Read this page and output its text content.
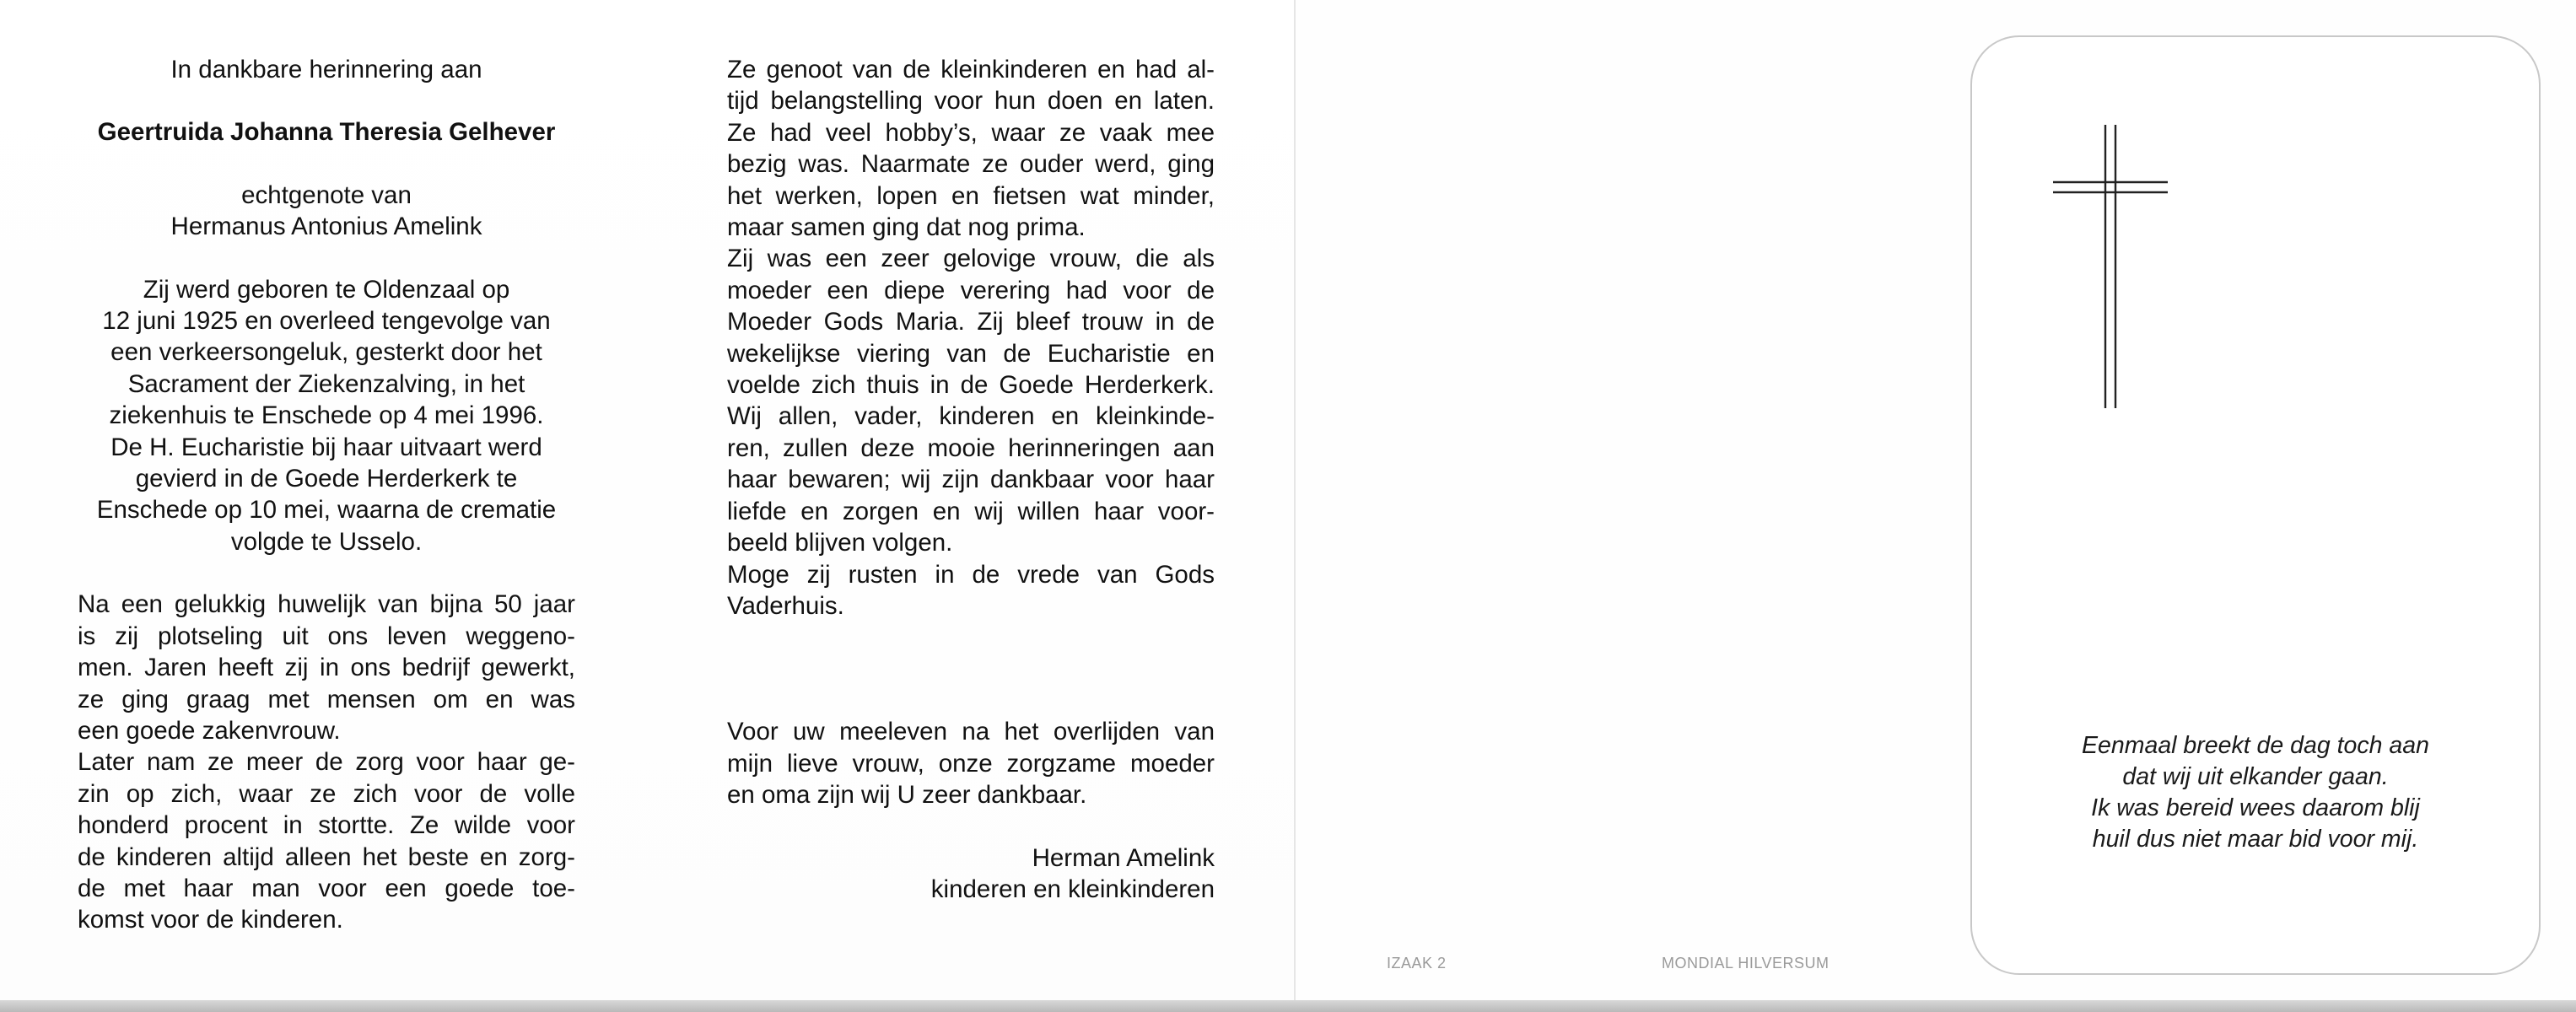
In dankbare herinnering aan

Geertruida Johanna Theresia Gelhever

echtgenote van

Hermanus Antonius Amelink

Zij werd geboren te Oldenzaal op
12 juni 1925 en overleed tengevolge van
een verkeersongeluk, gesterkt door het
Sacrament der Ziekenzalving, in het
ziekenhuis te Enschede op 4 mei 1996.
De H. Eucharistie bij haar uitvaart werd
gevierd in de Goede Herderkerk te
Enschede op 10 mei, waarna de crematie
volgde te Usselo.
Na een gelukkig huwelijk van bijna 50 jaar
is zij plotseling uit ons leven weggeno-
men. Jaren heeft zij in ons bedrijf gewerkt,
ze ging graag met mensen om en was
een goede zakenvrouw.
Later nam ze meer de zorg voor haar ge-
zin op zich, waar ze zich voor de volle
honderd procent in stortte. Ze wilde voor
de kinderen altijd alleen het beste en zorg-
de met haar man voor een goede toe-
komst voor de kinderen.
Ze genoot van de kleinkinderen en had al-
tijd belangstelling voor hun doen en laten.
Ze had veel hobby’s, waar ze vaak mee
bezig was. Naarmate ze ouder werd, ging
het werken, lopen en fietsen wat minder,
maar samen ging dat nog prima.
Zij was een zeer gelovige vrouw, die als
moeder een diepe verering had voor de
Moeder Gods Maria. Zij bleef trouw in de
wekelijkse viering van de Eucharistie en
voelde zich thuis in de Goede Herderkerk.
Wij allen, vader, kinderen en kleinkinde-
ren, zullen deze mooie herinneringen aan
haar bewaren; wij zijn dankbaar voor haar
liefde en zorgen en wij willen haar voor-
beeld blijven volgen.
Moge zij rusten in de vrede van Gods
Vaderhuis.
Voor uw meeleven na het overlijden van
mijn lieve vrouw, onze zorgzame moeder
en oma zijn wij U zeer dankbaar.

Herman Amelink

kinderen en kleinkinderen

IZAAK 2	MONDIAL HILVERSUM
Eenmaal breekt de dag toch aan
dat wij uit elkander gaan.
Ik was bereid wees daarom blij
huil dus niet maar bid voor mij.
